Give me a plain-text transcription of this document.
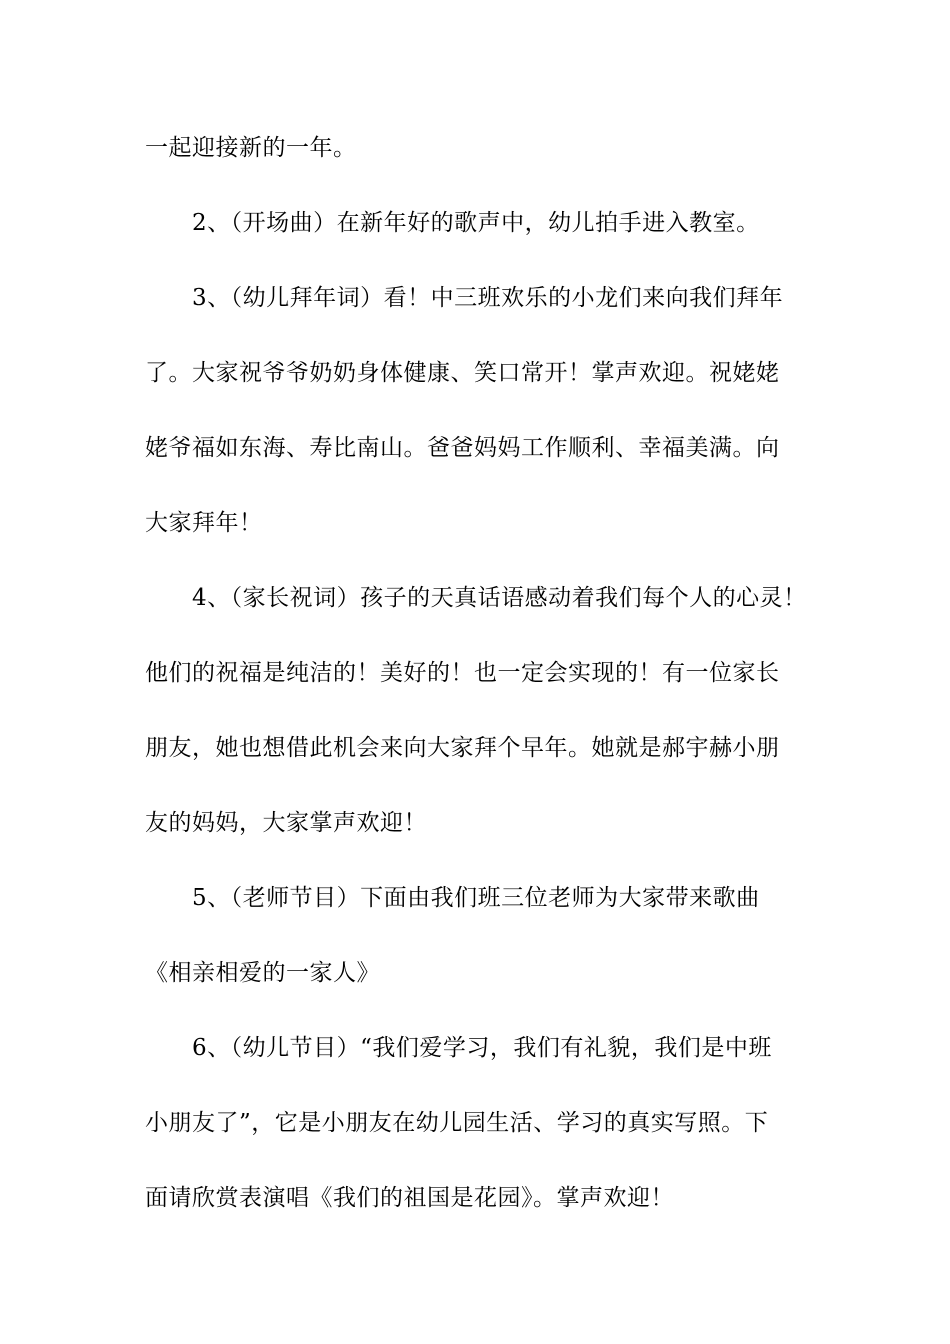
一起迎接新的一年。
2、（开场曲）在新年好的歌声中，幼儿拍手进入教室。
3、（幼儿拜年词）看！中三班欢乐的小龙们来向我们拜年
了。大家祝爷爷奶奶身体健康、笑口常开！掌声欢迎。祝姥姥
姥爷福如东海、寿比南山。爸爸妈妈工作顺利、幸福美满。向
大家拜年！
4、（家长祝词）孩子的天真话语感动着我们每个人的心灵！
他们的祝福是纯洁的！美好的！也一定会实现的！有一位家长
朋友，她也想借此机会来向大家拜个早年。她就是郝宇赫小朋
友的妈妈，大家掌声欢迎！
5、（老师节目）下面由我们班三位老师为大家带来歌曲
《相亲相爱的一家人》
6、（幼儿节目）“我们爱学习，我们有礼貌，我们是中班
小朋友了”，它是小朋友在幼儿园生活、学习的真实写照。下
面请欣赏表演唱《我们的祖国是花园》。掌声欢迎！
